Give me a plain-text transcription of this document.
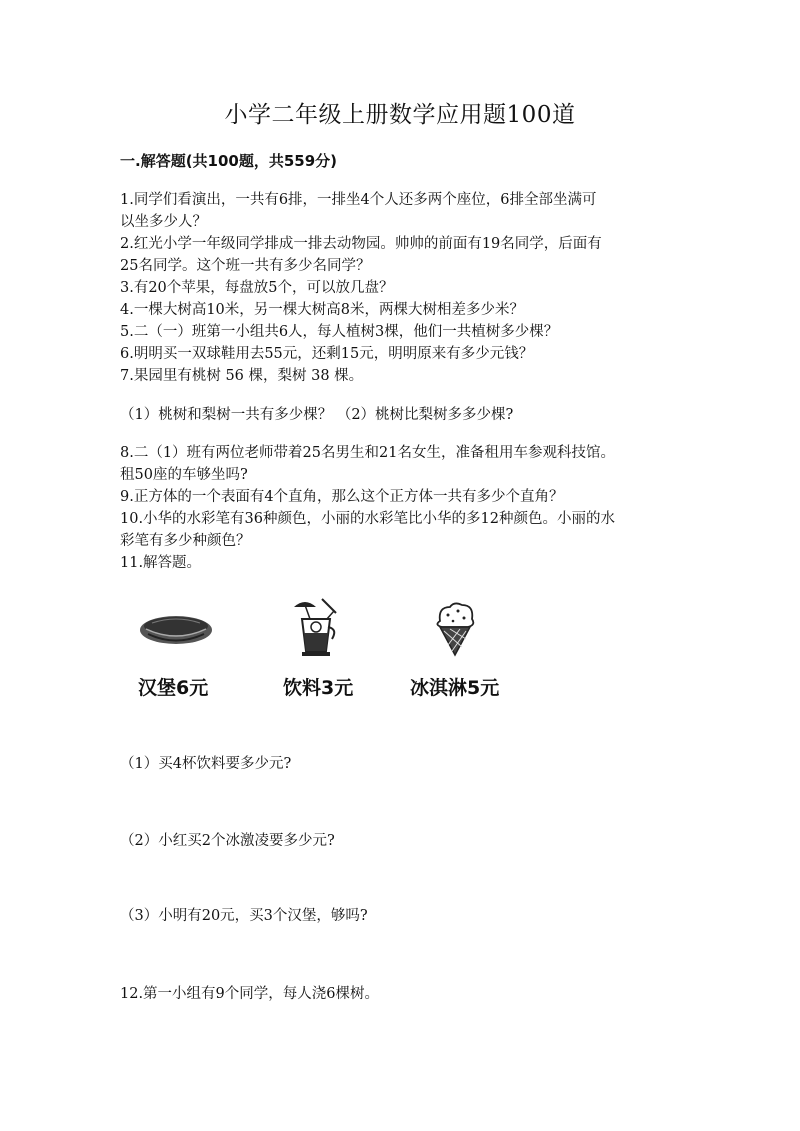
小学二年级上册数学应用题100道
一.解答题(共100题，共559分)
1.同学们看演出，一共有6排，一排坐4个人还多两个座位，6排全部坐满可
以坐多少人？
2.红光小学一年级同学排成一排去动物园。帅帅的前面有19名同学，后面有
25名同学。这个班一共有多少名同学？
3.有20个苹果，每盘放5个，可以放几盘？
4.一棵大树高10米，另一棵大树高8米，两棵大树相差多少米？
5.二（一）班第一小组共6人，每人植树3棵，他们一共植树多少棵？
6.明明买一双球鞋用去55元，还剩15元，明明原来有多少元钱？
7.果园里有桃树 56 棵，梨树 38 棵。
（1）桃树和梨树一共有多少棵？ （2）桃树比梨树多多少棵?
8.二（1）班有两位老师带着25名男生和21名女生，准备租用车参观科技馆。
租50座的车够坐吗?
9.正方体的一个表面有4个直角，那么这个正方体一共有多少个直角？
10.小华的水彩笔有36种颜色，小丽的水彩笔比小华的多12种颜色。小丽的水
彩笔有多少种颜色？
11.解答题。
汉堡6元	饮料3元	冰淇淋5元
（1）买4杯饮料要多少元?
（2）小红买2个冰激凌要多少元?
（3）小明有20元，买3个汉堡，够吗?
12.第一小组有9个同学，每人浇6棵树。
